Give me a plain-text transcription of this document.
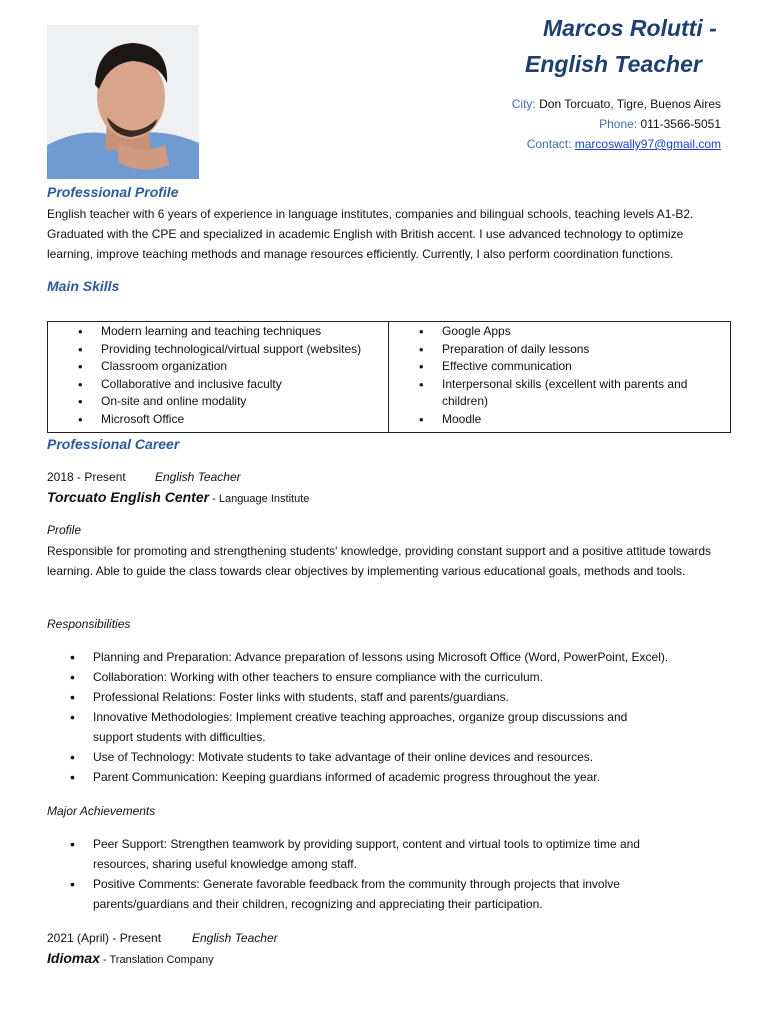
Marcos Rolutti -
English Teacher
City: Don Torcuato, Tigre, Buenos Aires
Phone: 011-3566-5051
Contact: marcoswally97@gmail.com
Professional Profile
English teacher with 6 years of experience in language institutes, companies and bilingual schools, teaching levels A1-B2. Graduated with the CPE and specialized in academic English with British accent. I use advanced technology to optimize learning, improve teaching methods and manage resources efficiently. Currently, I also perform coordination functions.
Main Skills
• Modern learning and teaching techniques
• Providing technological/virtual support (websites)
• Classroom organization
• Collaborative and inclusive faculty
• On-site and online modality
• Microsoft Office
• Google Apps
• Preparation of daily lessons
• Effective communication
• Interpersonal skills (excellent with parents and children)
• Moodle
Professional Career
2018 - Present English Teacher
Torcuato English Center - Language Institute
Profile
Responsible for promoting and strengthening students' knowledge, providing constant support and a positive attitude towards learning. Able to guide the class towards clear objectives by implementing various educational goals, methods and tools.
Responsibilities
• Planning and Preparation: Advance preparation of lessons using Microsoft Office (Word, PowerPoint, Excel).
• Collaboration: Working with other teachers to ensure compliance with the curriculum.
• Professional Relations: Foster links with students, staff and parents/guardians.
• Innovative Methodologies: Implement creative teaching approaches, organize group discussions and support students with difficulties.
• Use of Technology: Motivate students to take advantage of their online devices and resources.
• Parent Communication: Keeping guardians informed of academic progress throughout the year.
Major Achievements
• Peer Support: Strengthen teamwork by providing support, content and virtual tools to optimize time and resources, sharing useful knowledge among staff.
• Positive Comments: Generate favorable feedback from the community through projects that involve parents/guardians and their children, recognizing and appreciating their participation.
2021 (April) - Present	English Teacher
Idiomax - Translation Company
